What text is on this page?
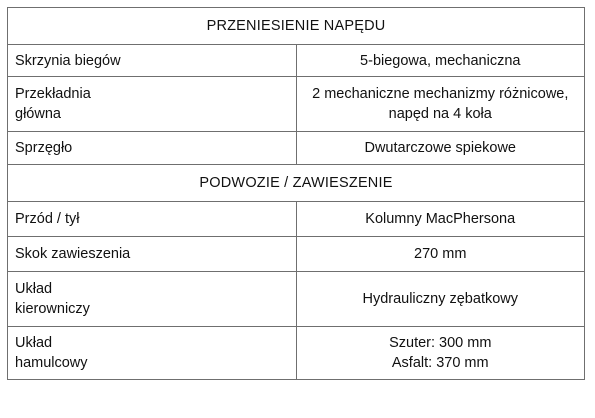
PRZENIESIENIE NAPĘDU	

Skrzynia biegów	5-biegowa, mechaniczna

Przekładnia
główna	2 mechaniczne mechanizmy różnicowe, napęd na 4 koła

Sprzęgło	Dwutarczowe spiekowe

PODWOZIE / ZAWIESZENIE	

Przód / tył	Kolumny MacPhersona

Skok zawieszenia	270 mm

Układ
kierowniczy	Hydrauliczny zębatkowy

Układ
hamulcowy	Szuter: 300 mm
Asfalt: 370 mm
